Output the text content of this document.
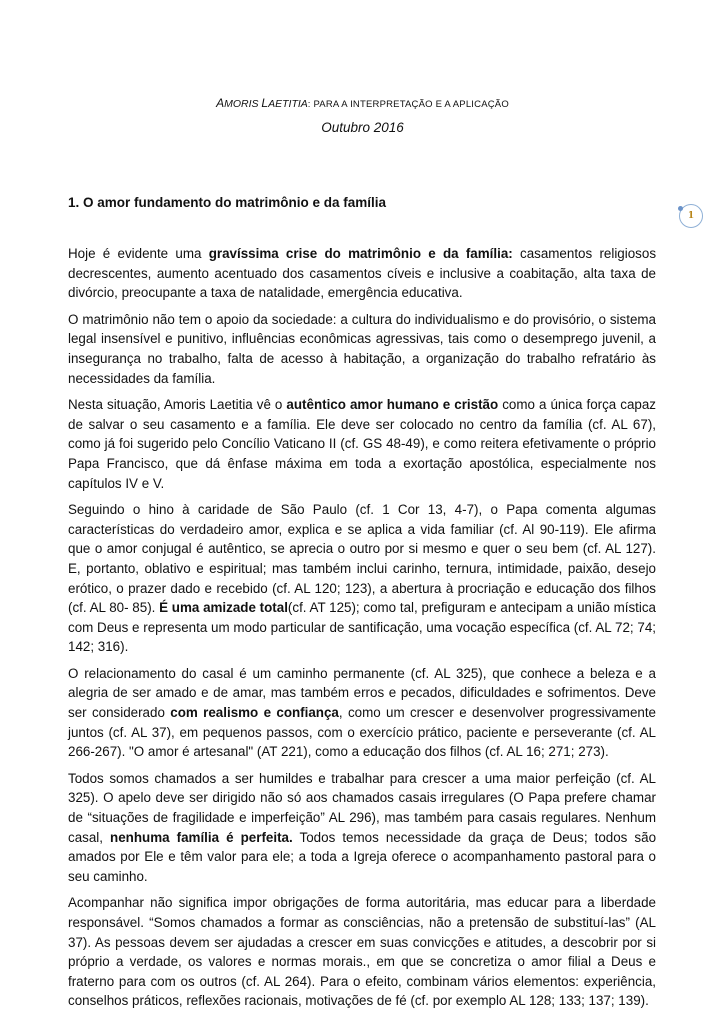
AMORIS LAETITIA: PARA A INTERPRETAÇÃO E A APLICAÇÃO
Outubro 2016
1. O amor fundamento do matrimônio e da família
1

Hoje é evidente uma gravíssima crise do matrimônio e da família: casamentos religiosos decrescentes, aumento acentuado dos casamentos cíveis e inclusive a coabitação, alta taxa de divórcio, preocupante a taxa de natalidade, emergência educativa.

O matrimônio não tem o apoio da sociedade: a cultura do individualismo e do provisório, o sistema legal insensível e punitivo, influências econômicas agressivas, tais como o desemprego juvenil, a insegurança no trabalho, falta de acesso à habitação, a organização do trabalho refratário às necessidades da família.

Nesta situação, Amoris Laetitia vê o autêntico amor humano e cristão como a única força capaz de salvar o seu casamento e a família. Ele deve ser colocado no centro da família (cf. AL 67), como já foi sugerido pelo Concílio Vaticano II (cf. GS 48-49), e como reitera efetivamente o próprio Papa Francisco, que dá ênfase máxima em toda a exortação apostólica, especialmente nos capítulos IV e V.

Seguindo o hino à caridade de São Paulo (cf. 1 Cor 13, 4-7), o Papa comenta algumas características do verdadeiro amor, explica e se aplica a vida familiar (cf. Al 90-119). Ele afirma que o amor conjugal é autêntico, se aprecia o outro por si mesmo e quer o seu bem (cf. AL 127). E, portanto, oblativo e espiritual; mas também inclui carinho, ternura, intimidade, paixão, desejo erótico, o prazer dado e recebido (cf. AL 120; 123), a abertura à procriação e educação dos filhos (cf. AL 80- 85). É uma amizade total(cf. AT 125); como tal, prefiguram e antecipam a união mística com Deus e representa um modo particular de santificação, uma vocação específica (cf. AL 72; 74; 142; 316).

O relacionamento do casal é um caminho permanente (cf. AL 325), que conhece a beleza e a alegria de ser amado e de amar, mas também erros e pecados, dificuldades e sofrimentos. Deve ser considerado com realismo e confiança, como um crescer e desenvolver progressivamente juntos (cf. AL 37), em pequenos passos, com o exercício prático, paciente e perseverante (cf. AL 266-267). "O amor é artesanal" (AT 221), como a educação dos filhos (cf. AL 16; 271; 273).

Todos somos chamados a ser humildes e trabalhar para crescer a uma maior perfeição (cf. AL 325). O apelo deve ser dirigido não só aos chamados casais irregulares (O Papa prefere chamar de “situações de fragilidade e imperfeição” AL 296), mas também para casais regulares. Nenhum casal, nenhuma família é perfeita. Todos temos necessidade da graça de Deus; todos são amados por Ele e têm valor para ele; a toda a Igreja oferece o acompanhamento pastoral para o seu caminho.

Acompanhar não significa impor obrigações de forma autoritária, mas educar para a liberdade responsável. “Somos chamados a formar as consciências, não a pretensão de substituí-las” (AL 37). As pessoas devem ser ajudadas a crescer em suas convicções e atitudes, a descobrir por si próprio a verdade, os valores e normas morais., em que se concretiza o amor filial a Deus e fraterno para com os outros (cf. AL 264). Para o efeito, combinam vários elementos: experiência, conselhos práticos, reflexões racionais, motivações de fé (cf. por exemplo AL 128; 133; 137; 139).
